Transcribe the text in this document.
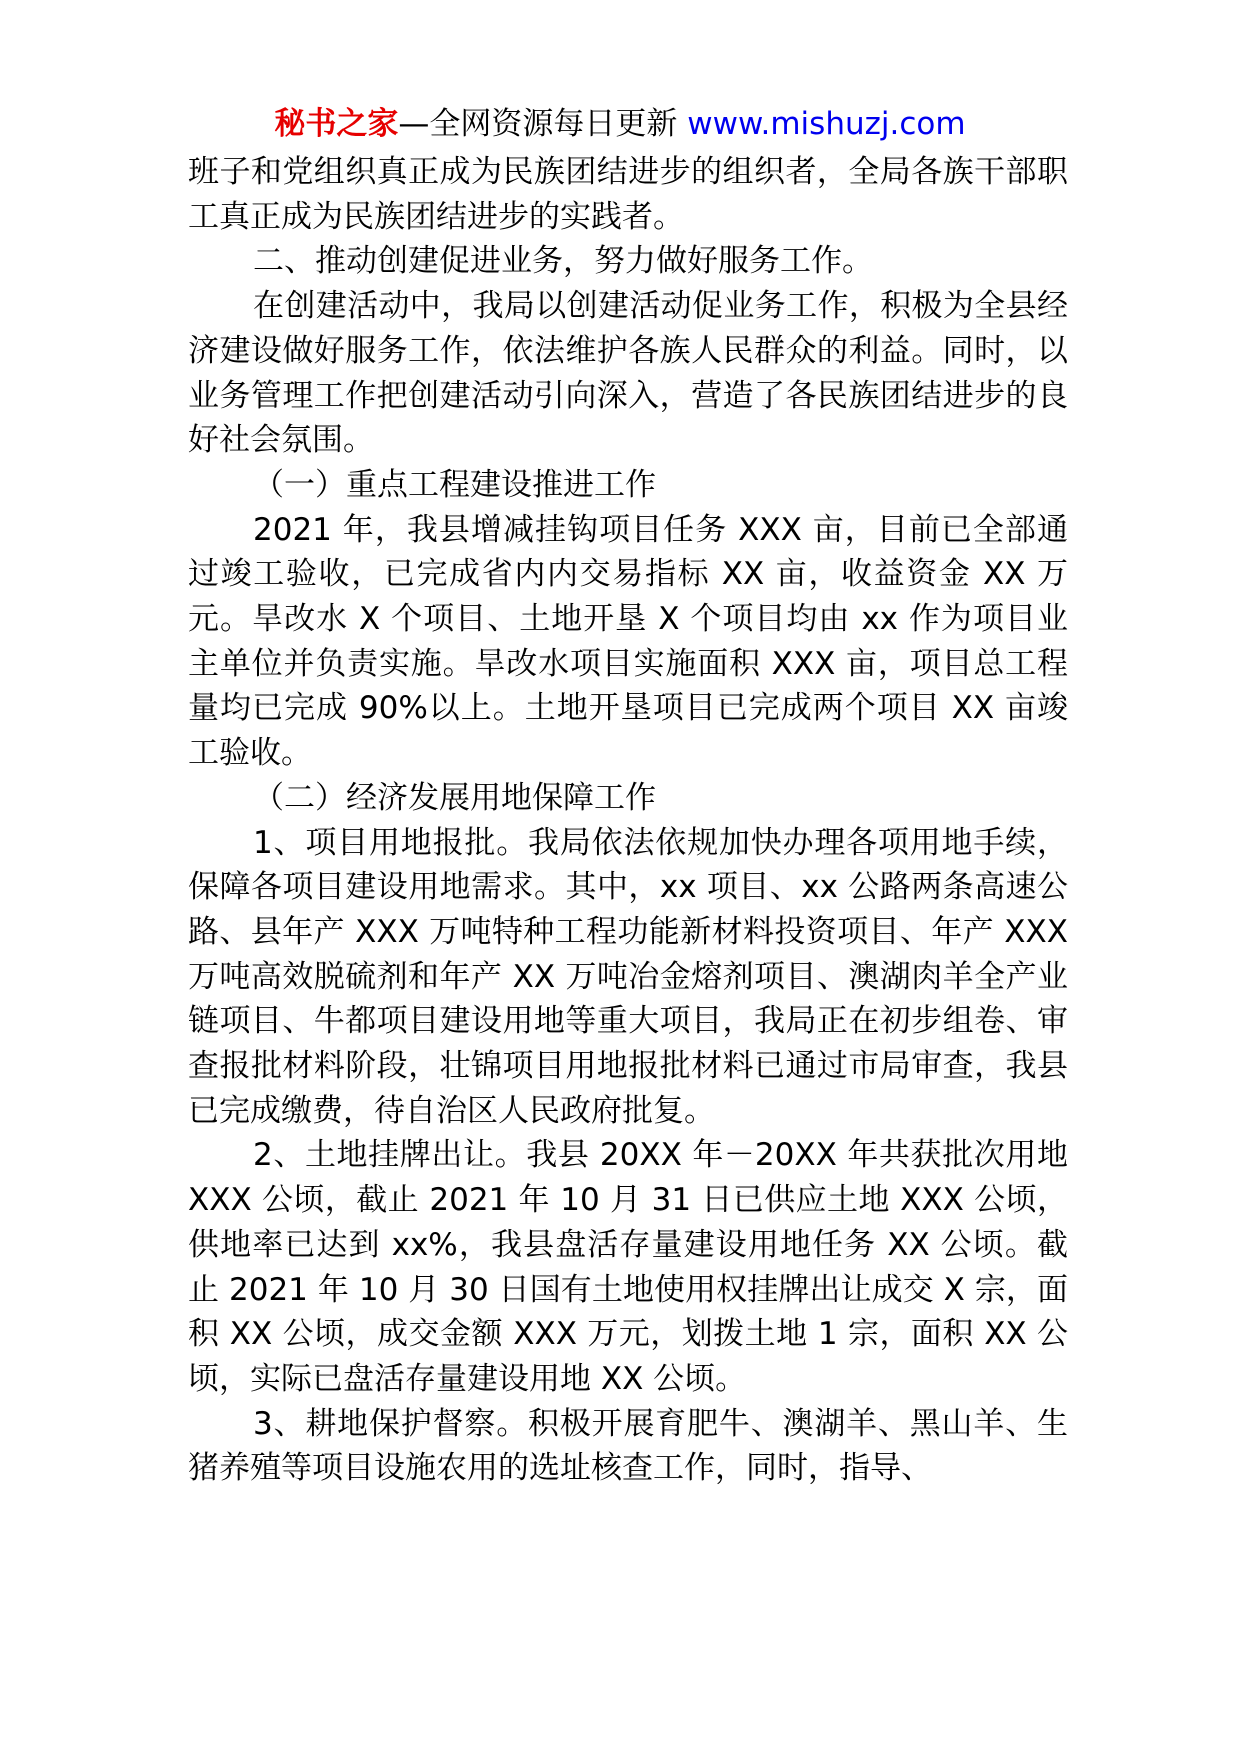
秘书之家—全网资源每日更新 www.mishuzj.com

班子和党组织真正成为民族团结进步的组织者，全局各族干部职工真正成为民族团结进步的实践者。

二、推动创建促进业务，努力做好服务工作。

在创建活动中，我局以创建活动促业务工作，积极为全县经济建设做好服务工作，依法维护各族人民群众的利益。同时，以业务管理工作把创建活动引向深入，营造了各民族团结进步的良好社会氛围。

（一）重点工程建设推进工作

2021 年，我县增减挂钩项目任务 XXX 亩，目前已全部通过竣工验收，已完成省内内交易指标 XX 亩，收益资金 XX 万元。旱改水 X 个项目、土地开垦 X 个项目均由 xx 作为项目业主单位并负责实施。旱改水项目实施面积 XXX 亩，项目总工程量均已完成 90%以上。土地开垦项目已完成两个项目 XX 亩竣工验收。

（二）经济发展用地保障工作

1、项目用地报批。我局依法依规加快办理各项用地手续，保障各项目建设用地需求。其中，xx 项目、xx 公路两条高速公路、县年产 XXX 万吨特种工程功能新材料投资项目、年产 XXX 万吨高效脱硫剂和年产 XX 万吨冶金熔剂项目、澳湖肉羊全产业链项目、牛都项目建设用地等重大项目，我局正在初步组卷、审查报批材料阶段，壮锦项目用地报批材料已通过市局审查，我县已完成缴费，待自治区人民政府批复。

2、土地挂牌出让。我县 20XX 年－20XX 年共获批次用地 XXX 公顷，截止 2021 年 10 月 31 日已供应土地 XXX 公顷，供地率已达到 xx%，我县盘活存量建设用地任务 XX 公顷。截止 2021 年 10 月 30 日国有土地使用权挂牌出让成交 X 宗，面积 XX 公顷，成交金额 XXX 万元，划拨土地 1 宗，面积 XX 公顷，实际已盘活存量建设用地 XX 公顷。

3、耕地保护督察。积极开展育肥牛、澳湖羊、黑山羊、生猪养殖等项目设施农用的选址核查工作，同时，指导、
